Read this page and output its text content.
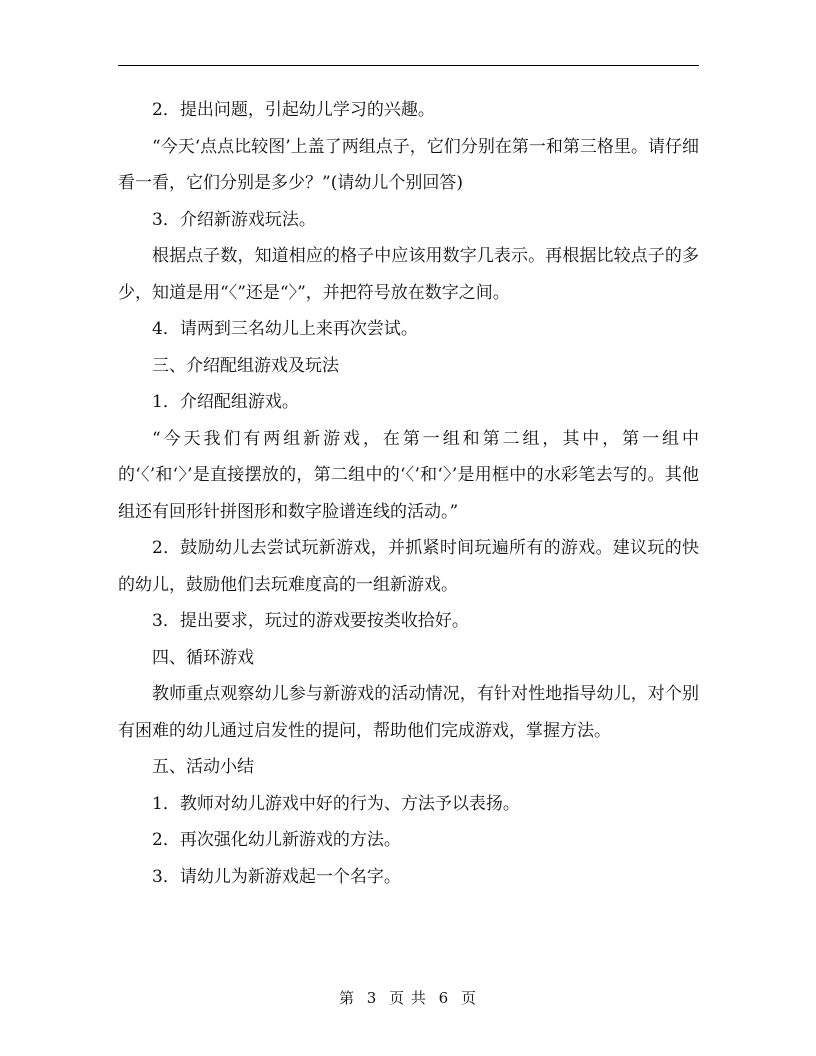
2．提出问题，引起幼儿学习的兴趣。

“今天‘点点比较图’上盖了两组点子，它们分别在第一和第三格里。请仔细看一看，它们分别是多少？”(请幼儿个别回答)

3．介绍新游戏玩法。

根据点子数，知道相应的格子中应该用数字几表示。再根据比较点子的多少，知道是用“〈”还是“〉”，并把符号放在数字之间。

4．请两到三名幼儿上来再次尝试。

三、介绍配组游戏及玩法

1．介绍配组游戏。

“今天我们有两组新游戏，在第一组和第二组，其中，第一组中的‘〈’和‘〉’是直接摆放的，第二组中的‘〈’和‘〉’是用框中的水彩笔去写的。其他组还有回形针拼图形和数字脸谱连线的活动。”

2．鼓励幼儿去尝试玩新游戏，并抓紧时间玩遍所有的游戏。建议玩的快的幼儿，鼓励他们去玩难度高的一组新游戏。

3．提出要求，玩过的游戏要按类收拾好。

四、循环游戏

教师重点观察幼儿参与新游戏的活动情况，有针对性地指导幼儿，对个别有困难的幼儿通过启发性的提问，帮助他们完成游戏，掌握方法。

五、活动小结

1．教师对幼儿游戏中好的行为、方法予以表扬。

2．再次强化幼儿新游戏的方法。

3．请幼儿为新游戏起一个名字。

第 3 页 共 6 页
